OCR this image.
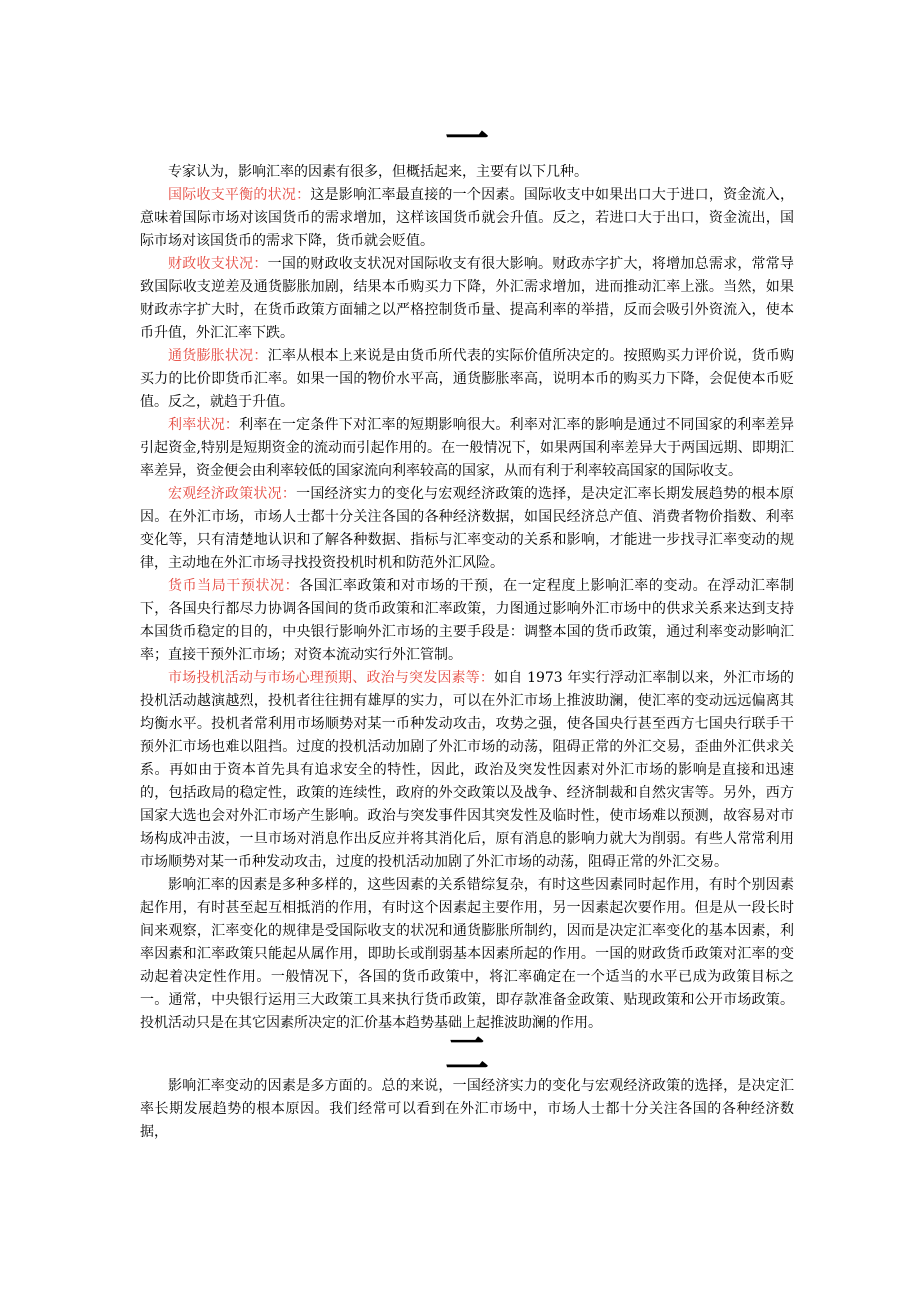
一

专家认为，影响汇率的因素有很多，但概括起来，主要有以下几种。

国际收支平衡的状况：这是影响汇率最直接的一个因素。国际收支中如果出口大于进口，资金流入，意味着国际市场对该国货币的需求增加，这样该国货币就会升值。反之，若进口大于出口，资金流出，国际市场对该国货币的需求下降，货币就会贬值。

财政收支状况：一国的财政收支状况对国际收支有很大影响。财政赤字扩大，将增加总需求，常常导致国际收支逆差及通货膨胀加剧，结果本币购买力下降，外汇需求增加，进而推动汇率上涨。当然，如果财政赤字扩大时，在货币政策方面辅之以严格控制货币量、提高利率的举措，反而会吸引外资流入，使本币升值，外汇汇率下跌。

通货膨胀状况：汇率从根本上来说是由货币所代表的实际价值所决定的。按照购买力评价说，货币购买力的比价即货币汇率。如果一国的物价水平高，通货膨胀率高，说明本币的购买力下降，会促使本币贬值。反之，就趋于升值。

利率状况：利率在一定条件下对汇率的短期影响很大。利率对汇率的影响是通过不同国家的利率差异引起资金,特别是短期资金的流动而引起作用的。在一般情况下，如果两国利率差异大于两国远期、即期汇率差异，资金便会由利率较低的国家流向利率较高的国家，从而有利于利率较高国家的国际收支。

宏观经济政策状况：一国经济实力的变化与宏观经济政策的选择，是决定汇率长期发展趋势的根本原因。在外汇市场，市场人士都十分关注各国的各种经济数据，如国民经济总产值、消费者物价指数、利率变化等，只有清楚地认识和了解各种数据、指标与汇率变动的关系和影响，才能进一步找寻汇率变动的规律，主动地在外汇市场寻找投资投机时机和防范外汇风险。

货币当局干预状况：各国汇率政策和对市场的干预，在一定程度上影响汇率的变动。在浮动汇率制下，各国央行都尽力协调各国间的货币政策和汇率政策，力图通过影响外汇市场中的供求关系来达到支持本国货币稳定的目的，中央银行影响外汇市场的主要手段是：调整本国的货币政策，通过利率变动影响汇率；直接干预外汇市场；对资本流动实行外汇管制。

市场投机活动与市场心理预期、政治与突发因素等：如自 1973 年实行浮动汇率制以来，外汇市场的投机活动越演越烈，投机者往往拥有雄厚的实力，可以在外汇市场上推波助澜，使汇率的变动远远偏离其均衡水平。投机者常利用市场顺势对某一币种发动攻击，攻势之强，使各国央行甚至西方七国央行联手干预外汇市场也难以阻挡。过度的投机活动加剧了外汇市场的动荡，阻碍正常的外汇交易，歪曲外汇供求关系。再如由于资本首先具有追求安全的特性，因此，政治及突发性因素对外汇市场的影响是直接和迅速的，包括政局的稳定性，政策的连续性，政府的外交政策以及战争、经济制裁和自然灾害等。另外，西方国家大选也会对外汇市场产生影响。政治与突发事件因其突发性及临时性，使市场难以预测，故容易对市场构成冲击波，一旦市场对消息作出反应并将其消化后，原有消息的影响力就大为削弱。有些人常常利用市场顺势对某一币种发动攻击，过度的投机活动加剧了外汇市场的动荡，阻碍正常的外汇交易。

影响汇率的因素是多种多样的，这些因素的关系错综复杂，有时这些因素同时起作用，有时个别因素起作用，有时甚至起互相抵消的作用，有时这个因素起主要作用，另一因素起次要作用。但是从一段长时间来观察，汇率变化的规律是受国际收支的状况和通货膨胀所制约，因而是决定汇率变化的基本因素，利率因素和汇率政策只能起从属作用，即助长或削弱基本因素所起的作用。一国的财政货币政策对汇率的变动起着决定性作用。一般情况下，各国的货币政策中，将汇率确定在一个适当的水平已成为政策目标之一。通常，中央银行运用三大政策工具来执行货币政策，即存款准备金政策、贴现政策和公开市场政策。投机活动只是在其它因素所决定的汇价基本趋势基础上起推波助澜的作用。

二

影响汇率变动的因素是多方面的。总的来说，一国经济实力的变化与宏观经济政策的选择，是决定汇率长期发展趋势的根本原因。我们经常可以看到在外汇市场中，市场人士都十分关注各国的各种经济数据，
